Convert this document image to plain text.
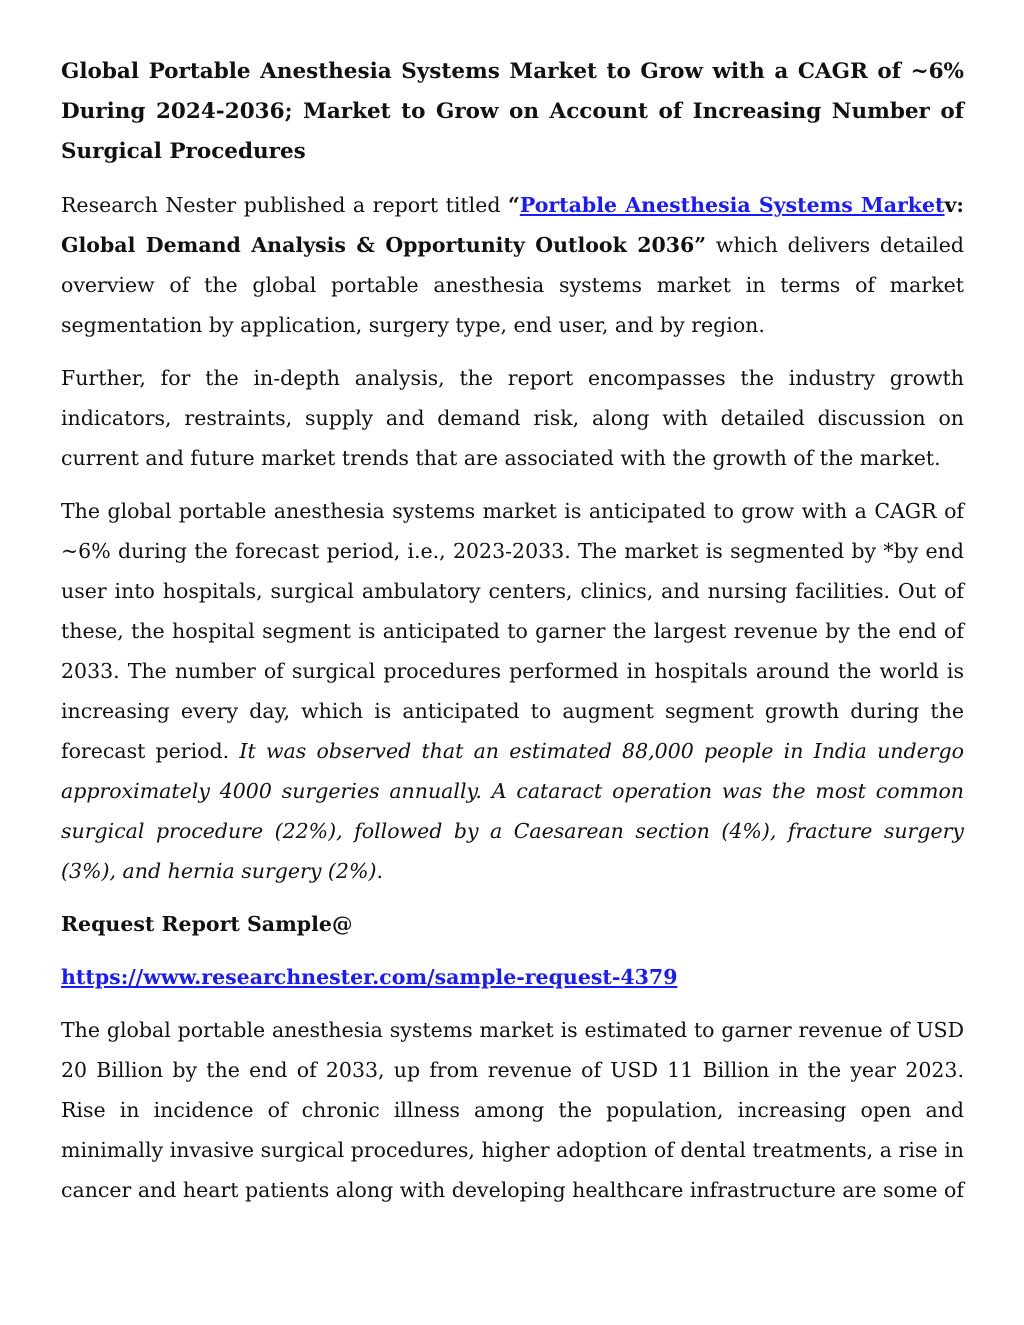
Global Portable Anesthesia Systems Market to Grow with a CAGR of ~6% During 2024-2036; Market to Grow on Account of Increasing Number of Surgical Procedures

Research Nester published a report titled “Portable Anesthesia Systems Marketv: Global Demand Analysis & Opportunity Outlook 2036” which delivers detailed overview of the global portable anesthesia systems market in terms of market segmentation by application, surgery type, end user, and by region.

Further, for the in-depth analysis, the report encompasses the industry growth indicators, restraints, supply and demand risk, along with detailed discussion on current and future market trends that are associated with the growth of the market.

The global portable anesthesia systems market is anticipated to grow with a CAGR of ~6% during the forecast period, i.e., 2023-2033. The market is segmented by *by end user into hospitals, surgical ambulatory centers, clinics, and nursing facilities. Out of these, the hospital segment is anticipated to garner the largest revenue by the end of 2033. The number of surgical procedures performed in hospitals around the world is increasing every day, which is anticipated to augment segment growth during the forecast period. It was observed that an estimated 88,000 people in India undergo approximately 4000 surgeries annually. A cataract operation was the most common surgical procedure (22%), followed by a Caesarean section (4%), fracture surgery (3%), and hernia surgery (2%).

Request Report Sample@
https://www.researchnester.com/sample-request-4379

The global portable anesthesia systems market is estimated to garner revenue of USD 20 Billion by the end of 2033, up from revenue of USD 11 Billion in the year 2023. Rise in incidence of chronic illness among the population, increasing open and minimally invasive surgical procedures, higher adoption of dental treatments, a rise in cancer and heart patients along with developing healthcare infrastructure are some of
